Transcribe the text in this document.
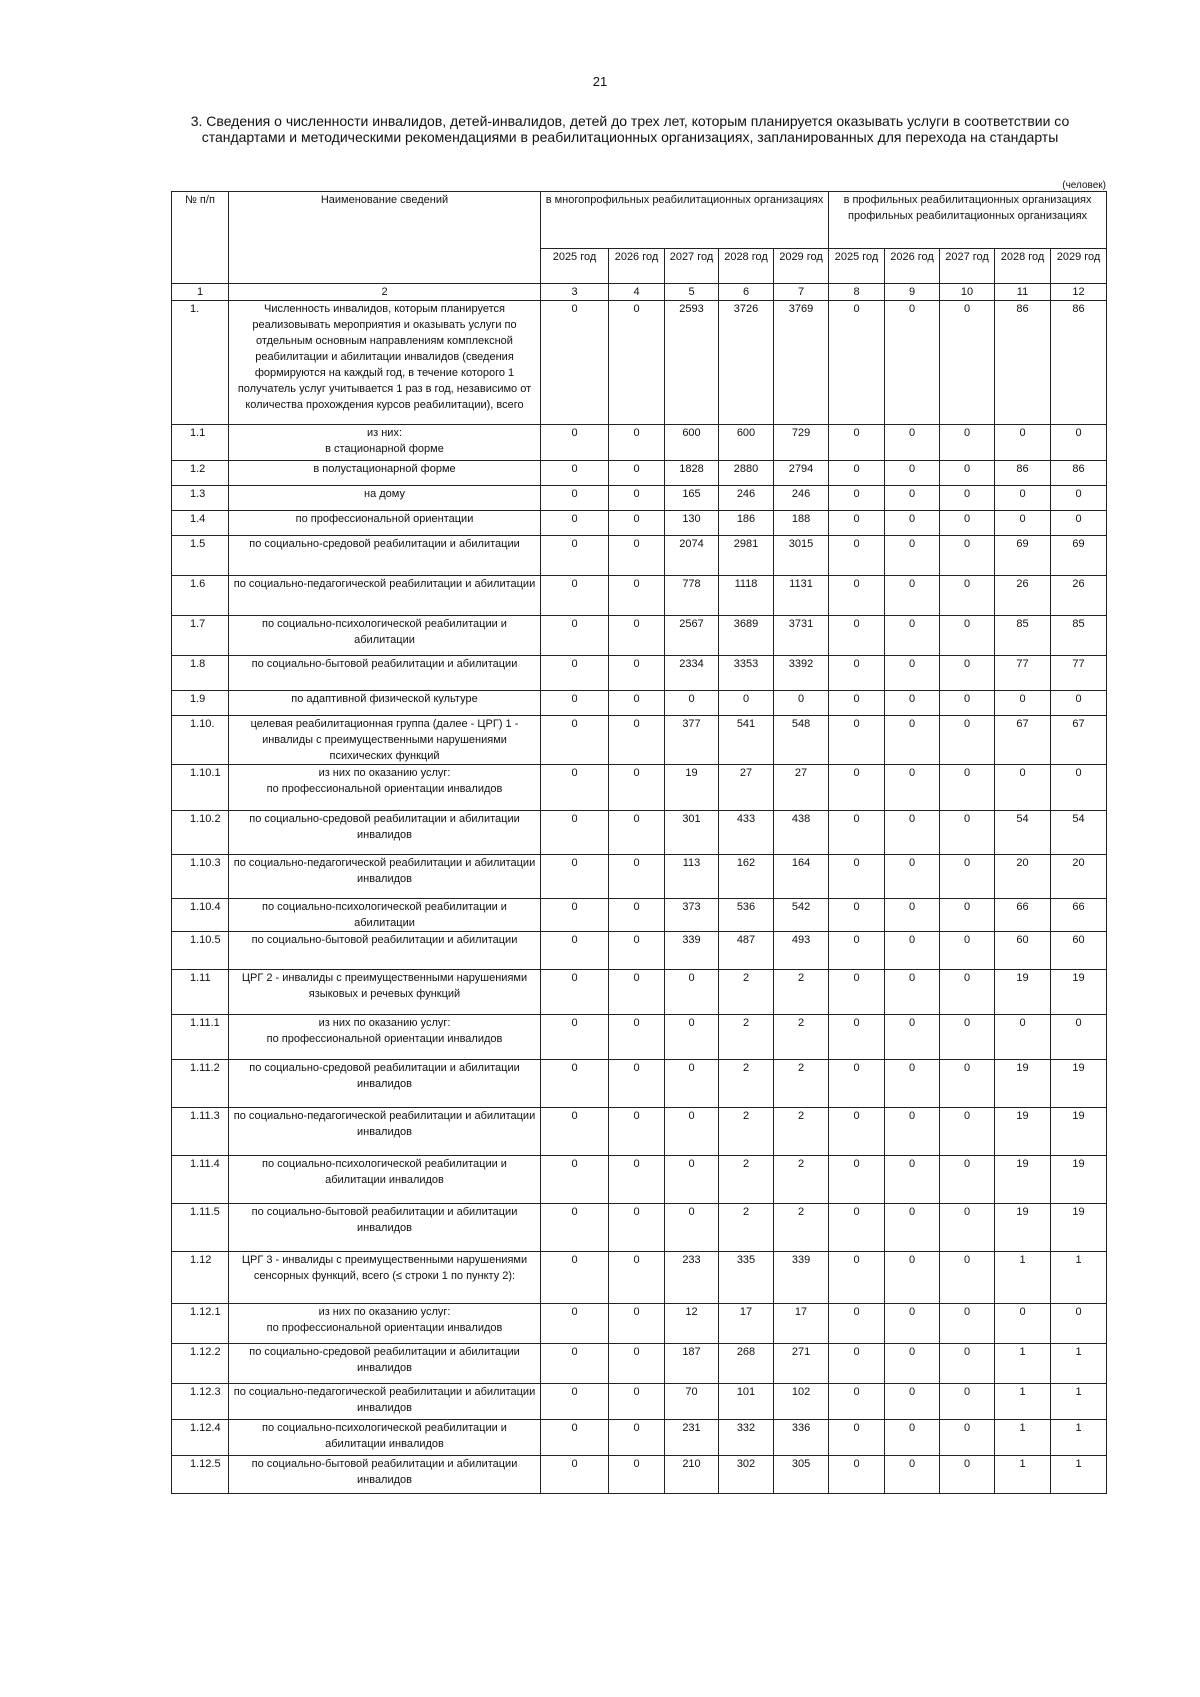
21
3. Сведения о численности инвалидов, детей-инвалидов, детей до трех лет, которым планируется оказывать услуги в соответствии со стандартами и методическими рекомендациями в реабилитационных организациях, запланированных для перехода на стандарты
(человек)
№ п/п	Наименование сведений	в многопрофильных реабилитационных организациях					в профильных реабилитационных организациях профильных реабилитационных организациях				
		2025 год	2026 год	2027 год	2028 год	2029 год	2025 год	2026 год	2027 год	2028 год	2029 год
1	2	3	4	5	6	7	8	9	10	11	12
1.	Численность инвалидов, которым планируется реализовывать мероприятия и оказывать услуги по отдельным основным направлениям комплексной реабилитации и абилитации инвалидов (сведения формируются на каждый год, в течение которого 1 получатель услуг учитывается 1 раз в год, независимо от количества прохождения курсов реабилитации), всего	0	0	2593	3726	3769	0	0	0	86	86
1.1	из них:
в стационарной форме	0	0	600	600	729	0	0	0	0	0
1.2	в полустационарной форме	0	0	1828	2880	2794	0	0	0	86	86
1.3	на дому	0	0	165	246	246	0	0	0	0	0
1.4	по профессиональной ориентации	0	0	130	186	188	0	0	0	0	0
1.5	по социально-средовой реабилитации и абилитации	0	0	2074	2981	3015	0	0	0	69	69
1.6	по социально-педагогической реабилитации и абилитации	0	0	778	1118	1131	0	0	0	26	26
1.7	по социально-психологической реабилитации и абилитации	0	0	2567	3689	3731	0	0	0	85	85
1.8	по социально-бытовой реабилитации и абилитации	0	0	2334	3353	3392	0	0	0	77	77
1.9	по адаптивной физической культуре	0	0	0	0	0	0	0	0	0	0
1.10.	целевая реабилитационная группа (далее - ЦРГ) 1 - инвалиды с преимущественными нарушениями психических функций	0	0	377	541	548	0	0	0	67	67
1.10.1	из них по оказанию услуг:
по профессиональной ориентации инвалидов	0	0	19	27	27	0	0	0	0	0
1.10.2	по социально-средовой реабилитации и абилитации инвалидов	0	0	301	433	438	0	0	0	54	54
1.10.3	по социально-педагогической реабилитации и абилитации инвалидов	0	0	113	162	164	0	0	0	20	20
1.10.4	по социально-психологической реабилитации и абилитации	0	0	373	536	542	0	0	0	66	66
1.10.5	по социально-бытовой реабилитации и абилитации	0	0	339	487	493	0	0	0	60	60
1.11	ЦРГ 2 - инвалиды с преимущественными нарушениями языковых и речевых функций	0	0	0	2	2	0	0	0	19	19
1.11.1	из них по оказанию услуг:
по профессиональной ориентации инвалидов	0	0	0	2	2	0	0	0	0	0
1.11.2	по социально-средовой реабилитации и абилитации инвалидов	0	0	0	2	2	0	0	0	19	19
1.11.3	по социально-педагогической реабилитации и абилитации инвалидов	0	0	0	2	2	0	0	0	19	19
1.11.4	по социально-психологической реабилитации и абилитации инвалидов	0	0	0	2	2	0	0	0	19	19
1.11.5	по социально-бытовой реабилитации и абилитации инвалидов	0	0	0	2	2	0	0	0	19	19
1.12	ЦРГ 3 - инвалиды с преимущественными нарушениями сенсорных функций, всего (≤ строки 1 по пункту 2):	0	0	233	335	339	0	0	0	1	1
1.12.1	из них по оказанию услуг:
по профессиональной ориентации инвалидов	0	0	12	17	17	0	0	0	0	0
1.12.2	по социально-средовой реабилитации и абилитации инвалидов	0	0	187	268	271	0	0	0	1	1
1.12.3	по социально-педагогической реабилитации и абилитации инвалидов	0	0	70	101	102	0	0	0	1	1
1.12.4	по социально-психологической реабилитации и абилитации инвалидов	0	0	231	332	336	0	0	0	1	1
1.12.5	по социально-бытовой реабилитации и абилитации инвалидов	0	0	210	302	305	0	0	0	1	1
